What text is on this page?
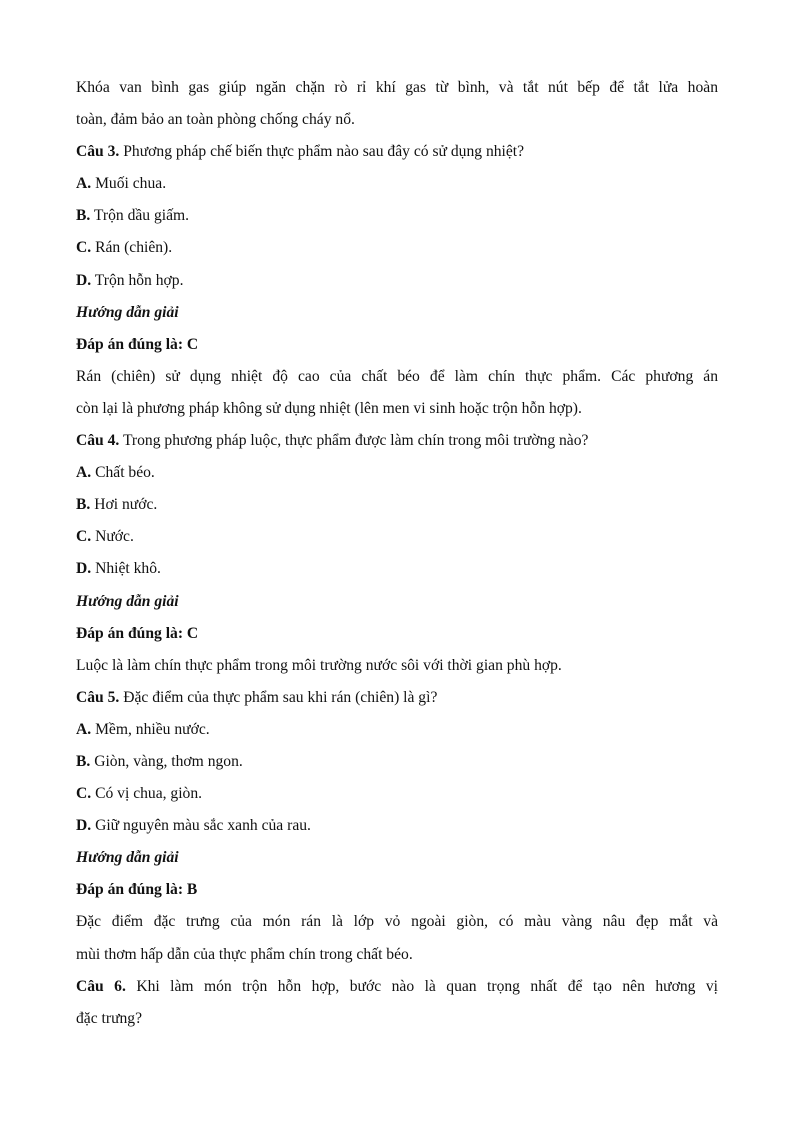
Khóa van bình gas giúp ngăn chặn rò rỉ khí gas từ bình, và tắt nút bếp để tắt lửa hoàn
toàn, đảm bảo an toàn phòng chống cháy nổ.
Câu 3. Phương pháp chế biến thực phẩm nào sau đây có sử dụng nhiệt?
A. Muối chua.
B. Trộn dầu giấm.
C. Rán (chiên).
D. Trộn hỗn hợp.
Hướng dẫn giải
Đáp án đúng là: C
Rán (chiên) sử dụng nhiệt độ cao của chất béo để làm chín thực phẩm. Các phương án
còn lại là phương pháp không sử dụng nhiệt (lên men vi sinh hoặc trộn hỗn hợp).
Câu 4. Trong phương pháp luộc, thực phẩm được làm chín trong môi trường nào?
A. Chất béo.
B. Hơi nước.
C. Nước.
D. Nhiệt khô.
Hướng dẫn giải
Đáp án đúng là: C
Luộc là làm chín thực phẩm trong môi trường nước sôi với thời gian phù hợp.
Câu 5. Đặc điểm của thực phẩm sau khi rán (chiên) là gì?
A. Mềm, nhiều nước.
B. Giòn, vàng, thơm ngon.
C. Có vị chua, giòn.
D. Giữ nguyên màu sắc xanh của rau.
Hướng dẫn giải
Đáp án đúng là: B
Đặc điểm đặc trưng của món rán là lớp vỏ ngoài giòn, có màu vàng nâu đẹp mắt và
mùi thơm hấp dẫn của thực phẩm chín trong chất béo.
Câu 6. Khi làm món trộn hỗn hợp, bước nào là quan trọng nhất để tạo nên hương vị
đặc trưng?
